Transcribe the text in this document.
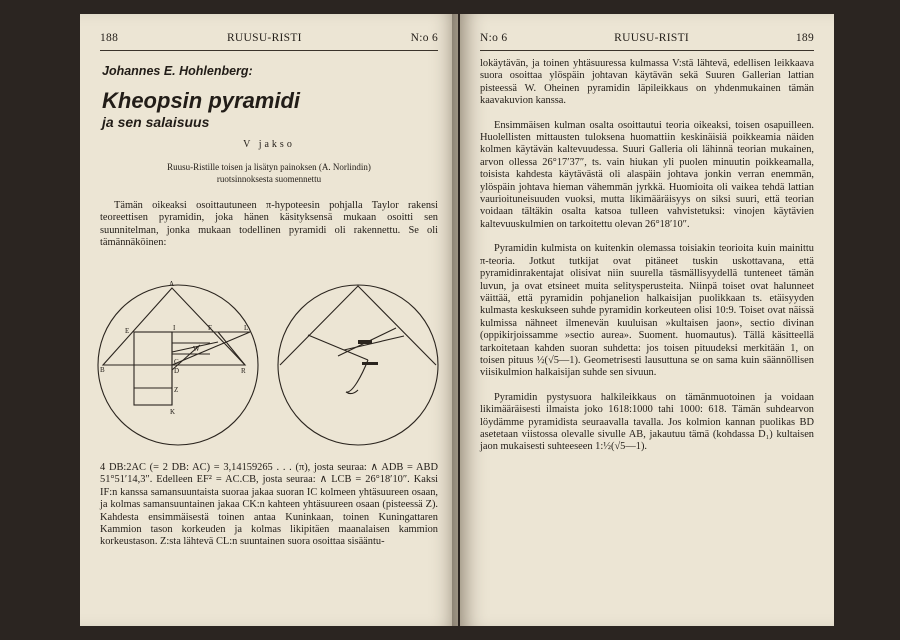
188	RUUSU-RISTI	N:o 6
Johannes E. Hohlenberg:
Kheopsin pyramidi
ja sen salaisuus
V jakso
Ruusu-Ristille toisen ja lisätyn painoksen (A. Norlindin)
ruotsinnoksesta suomennettu

Tämän oikeaksi osoittautuneen π-hypoteesin pohjalla Taylor rakensi teoreettisen pyramidin, joka hänen käsityksensä mukaan osoitti sen suunnitelman, jonka mukaan todellinen pyramidi oli rakennettu. Se oli tämännäköinen:

A
E	I	F	L
W
B	D	R
C
Z
K

4 DB:2AC (= 2 DB: AC) = 3,14159265 . . . (π), josta seuraa: ∧ ADB = ABD 51°51′14,3″. Edelleen EF² = AC.CB, josta seuraa: ∧ LCB = 26°18′10″. Kaksi IF:n kanssa samansuuntaista suoraa jakaa suoran IC kolmeen yhtäsuureen osaan, ja kolmas samansuuntainen jakaa CK:n kahteen yhtäsuureen osaan (pisteessä Z). Kahdesta ensimmäisestä toinen antaa Kuninkaan, toinen Kuningattaren Kammion tason korkeuden ja kolmas likipitäen maanalaisen kammion korkeustason. Z:sta lähtevä CL:n suuntainen suora osoittaa sisääntu-

N:o 6	RUUSU-RISTI	189

lokäytävän, ja toinen yhtäsuuressa kulmassa V:stä lähtevä, edellisen leikkaava suora osoittaa ylöspäin johtavan käytävän sekä Suuren Gallerian lattian pisteessä W. Oheinen pyramidin läpileikkaus on yhdenmukainen tämän kaavakuvion kanssa.

Ensimmäisen kulman osalta osoittautui teoria oikeaksi, toisen osapuilleen. Huolellisten mittausten tuloksena huomattiin keskinäisiä poikkeamia näiden kolmen käytävän kaltevuudessa. Suuri Galleria oli lähinnä teorian mukainen, arvon ollessa 26°17′37″, ts. vain hiukan yli puolen minuutin poikkeamalla, toisista kahdesta käytävästä oli alaspäin johtava jonkin verran enemmän, ylöspäin johtava hieman vähemmän jyrkkä. Huomioita oli vaikea tehdä lattian vaurioituneisuuden vuoksi, mutta likimääräisyys on siksi suuri, että teorian voidaan tältäkin osalta katsoa tulleen vahvistetuksi: vinojen käytävien kaltevuuskulmien on tarkoitettu olevan 26°18′10″.

Pyramidin kulmista on kuitenkin olemassa toisiakin teorioita kuin mainittu π-teoria. Jotkut tutkijat ovat pitäneet tuskin uskottavana, että pyramidinrakentajat olisivat niin suurella täsmällisyydellä tunteneet tämän luvun, ja ovat etsineet muita selitysperusteita. Niinpä toiset ovat halunneet väittää, että pyramidin pohjanelion halkaisijan puolikkaan ts. etäisyyden kulmasta keskukseen suhde pyramidin korkeuteen olisi 10:9. Toiset ovat näissä kulmissa nähneet ilmenevän kuuluisan »kultaisen jaon», sectio divinan (oppikirjoissamme »sectio aurea». Suoment. huomautus). Tällä käsitteellä tarkoitetaan kahden suoran suhdetta: jos toisen pituudeksi merkitään 1, on toisen pituus ½(√5—1). Geometrisesti lausuttuna se on sama kuin säännöllisen viisikulmion halkaisijan suhde sen sivuun.

Pyramidin pystysuora halkileikkaus on tämänmuotoinen ja voidaan likimääräisesti ilmaista joko 1618:1000 tahi 1000: 618. Tämän suhdearvon löydämme pyramidista seuraavalla tavalla. Jos kolmion kannan puolikas BD asetetaan viistossa olevalle sivulle AB, jakautuu tämä (kohdassa D₁) kultaisen jaon mukaisesti suhteeseen 1:½(√5—1).
